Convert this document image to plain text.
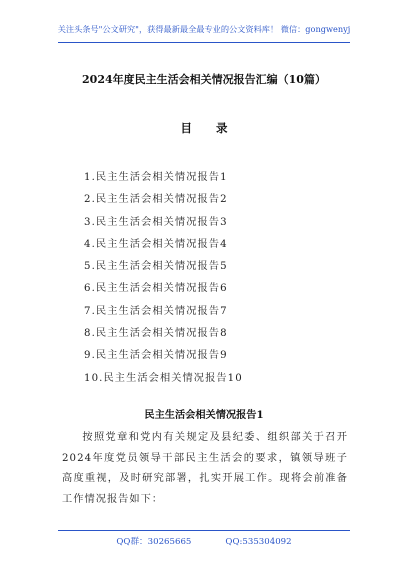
关注头条号"公文研究"，获得最新最全最专业的公文资料库！ 微信：gongwenyj
2024年度民主生活会相关情况报告汇编（10篇）
目 录
1.民主生活会相关情况报告1
2.民主生活会相关情况报告2
3.民主生活会相关情况报告3
4.民主生活会相关情况报告4
5.民主生活会相关情况报告5
6.民主生活会相关情况报告6
7.民主生活会相关情况报告7
8.民主生活会相关情况报告8
9.民主生活会相关情况报告9
10.民主生活会相关情况报告10
民主生活会相关情况报告1

按照党章和党内有关规定及县纪委、组织部关于召开2024年度党员领导干部民主生活会的要求，镇领导班子高度重视，及时研究部署，扎实开展工作。现将会前准备工作情况报告如下：

QQ群：30265665	QQ:535304092
